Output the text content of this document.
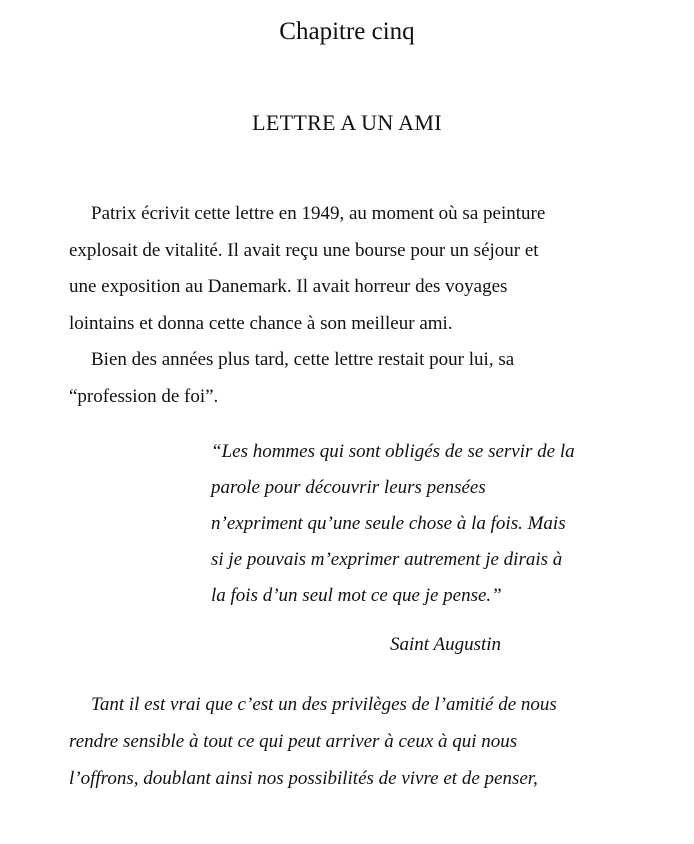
Chapitre cinq
LETTRE A UN AMI

Patrix écrivit cette lettre en 1949, au moment où sa peinture
explosait de vitalité. Il avait reçu une bourse pour un séjour et
une exposition au Danemark. Il avait horreur des voyages
lointains et donna cette chance à son meilleur ami.

Bien des années plus tard, cette lettre restait pour lui, sa
“profession de foi”.

“Les hommes qui sont obligés de se servir de la
parole pour découvrir leurs pensées
n’expriment qu’une seule chose à la fois. Mais
si je pouvais m’exprimer autrement je dirais à
la fois d’un seul mot ce que je pense.”

Saint Augustin

Tant il est vrai que c’est un des privilèges de l’amitié de nous
rendre sensible à tout ce qui peut arriver à ceux à qui nous
l’offrons, doublant ainsi nos possibilités de vivre et de penser,
